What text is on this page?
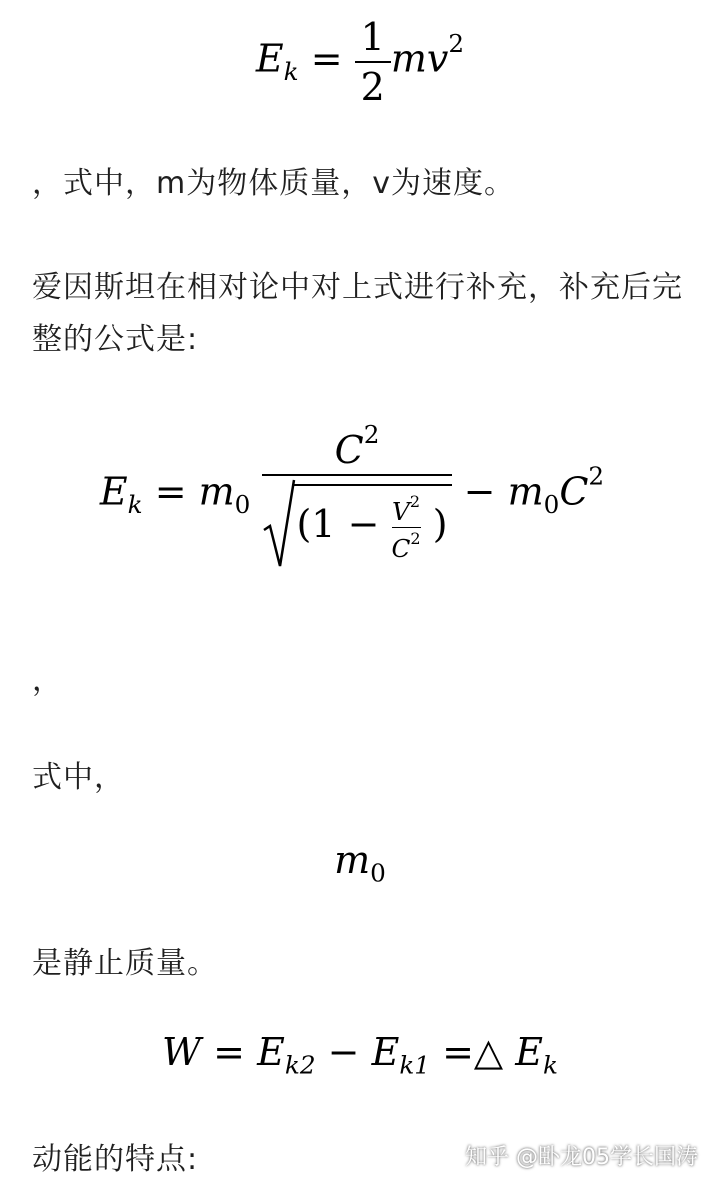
$E_k = \frac{1}{2} mv^2$
，式中，m为物体质量，v为速度。
爱因斯坦在相对论中对上式进行补充，补充后完整的公式是:
$E_k = m_0$
$C^2$
($1 - \frac{V^2}{C^2}$ )
− $m_0C^2$
，
式中，
$m_0$
是静止质量。
$W = E_{k2} - E_{k1}$ =△ $E_k$
动能的特点:	知乎 @卧龙05学长国涛
